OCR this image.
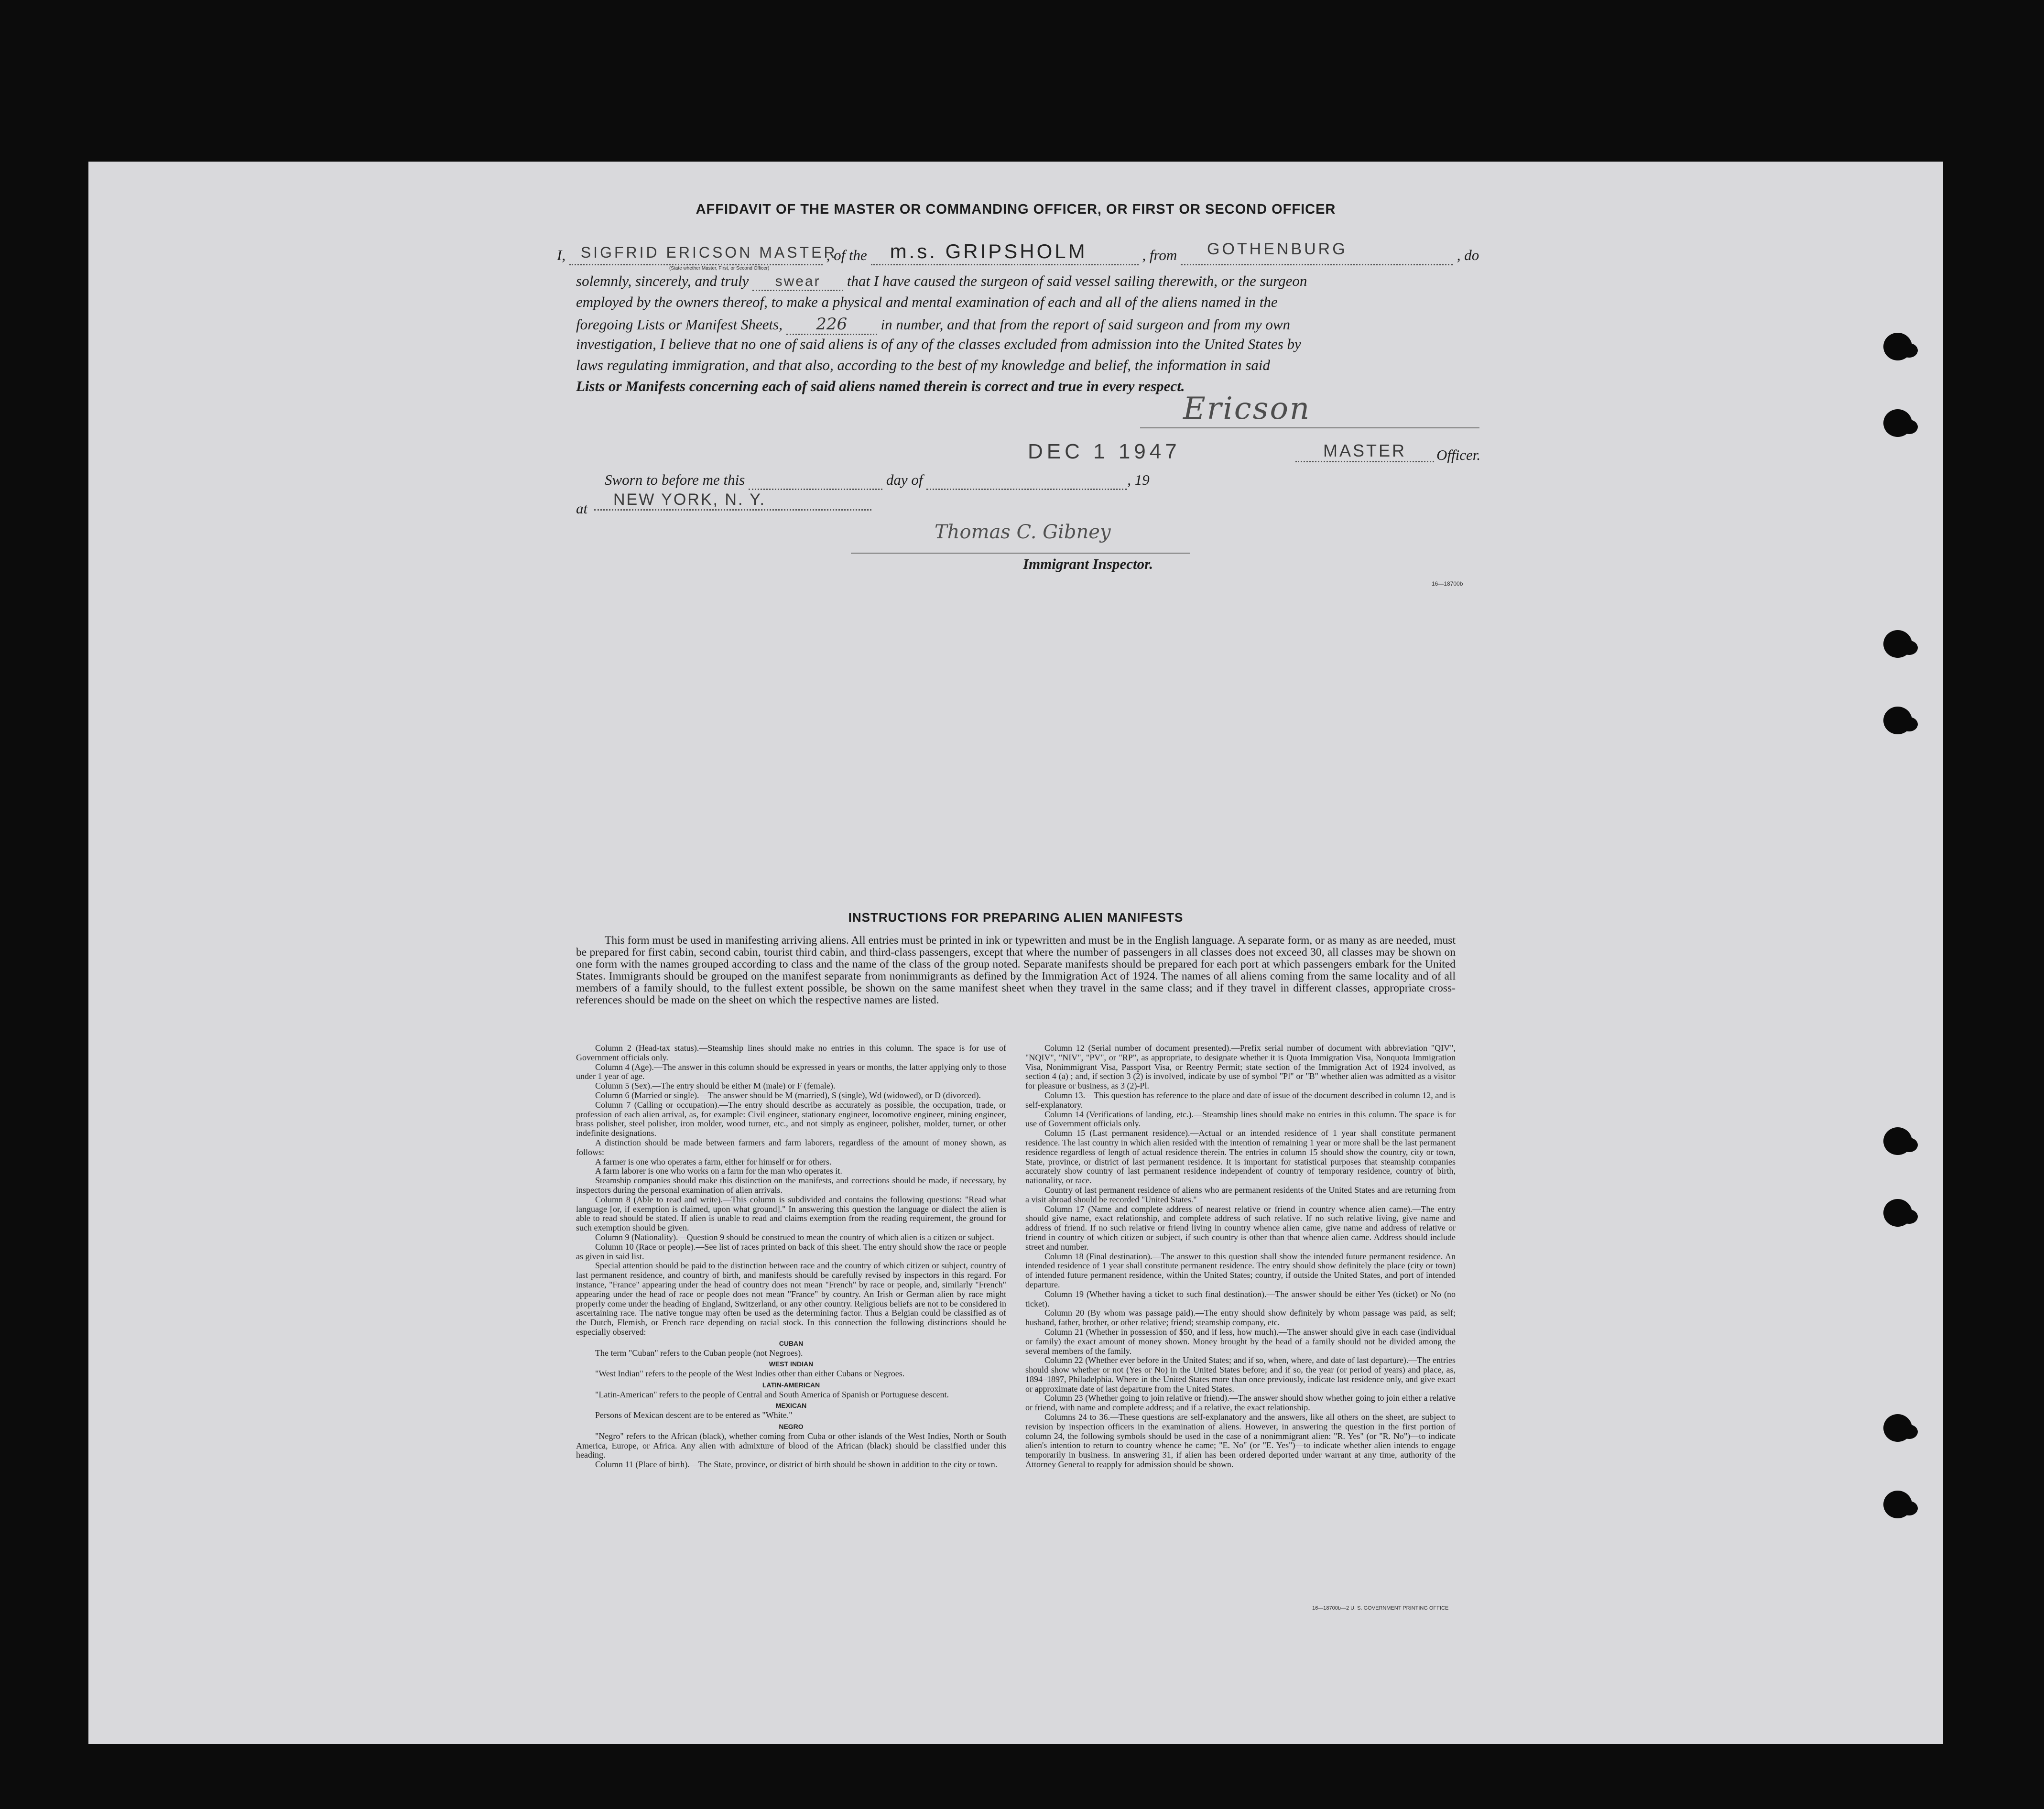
AFFIDAVIT OF THE MASTER OR COMMANDING OFFICER, OR FIRST OR SECOND OFFICER
I, SIGFRID ERICSON MASTER
, of the m.s. GRIPSHOLM	, from GOTHENBURG	, do
(State whether Master, First, or Second Officer)
solemnly, sincerely, and truly swear that I have caused the surgeon of said vessel sailing therewith, or the surgeon
employed by the owners thereof, to make a physical and mental examination of each and all of the aliens named in the
foregoing Lists or Manifest Sheets, 226 in number, and that from the report of said surgeon and from my own
investigation, I believe that no one of said aliens is of any of the classes excluded from admission into the United States by
laws regulating immigration, and that also, according to the best of my knowledge and belief, the information in said
Lists or Manifests concerning each of said aliens named therein is correct and true in every respect.
Ericson
DEC 1 1947	MASTER	Officer.
Sworn to before me this	day of	, 19
at	NEW YORK, N. Y.
Thomas C. Gibney
Immigrant Inspector.
16—18700b
INSTRUCTIONS FOR PREPARING ALIEN MANIFESTS
This form must be used in manifesting arriving aliens. All entries must be printed in ink or typewritten and must be in the English language. A separate form, or as many as are needed, must be prepared for first cabin, second cabin, tourist third cabin, and third-class passengers, except that where the number of passengers in all classes does not exceed 30, all classes may be shown on one form with the names grouped according to class and the name of the class of the group noted. Separate manifests should be prepared for each port at which passengers embark for the United States. Immigrants should be grouped on the manifest separate from nonimmigrants as defined by the Immigration Act of 1924. The names of all aliens coming from the same locality and of all members of a family should, to the fullest extent possible, be shown on the same manifest sheet when they travel in the same class; and if they travel in different classes, appropriate cross-references should be made on the sheet on which the respective names are listed.

Column 2 (Head-tax status).—Steamship lines should make no entries in this column. The space is for use of Government officials only.

Column 4 (Age).—The answer in this column should be expressed in years or months, the latter applying only to those under 1 year of age.

Column 5 (Sex).—The entry should be either M (male) or F (female).

Column 6 (Married or single).—The answer should be M (married), S (single), Wd (widowed), or D (divorced).

Column 7 (Calling or occupation).—The entry should describe as accurately as possible, the occupation, trade, or profession of each alien arrival, as, for example: Civil engineer, stationary engineer, locomotive engineer, mining engineer, brass polisher, steel polisher, iron molder, wood turner, etc., and not simply as engineer, polisher, molder, turner, or other indefinite designations.

A distinction should be made between farmers and farm laborers, regardless of the amount of money shown, as follows:

A farmer is one who operates a farm, either for himself or for others.

A farm laborer is one who works on a farm for the man who operates it.

Steamship companies should make this distinction on the manifests, and corrections should be made, if necessary, by inspectors during the personal examination of alien arrivals.

Column 8 (Able to read and write).—This column is subdivided and contains the following questions: "Read what language [or, if exemption is claimed, upon what ground]." In answering this question the language or dialect the alien is able to read should be stated. If alien is unable to read and claims exemption from the reading requirement, the ground for such exemption should be given.

Column 9 (Nationality).—Question 9 should be construed to mean the country of which alien is a citizen or subject.

Column 10 (Race or people).—See list of races printed on back of this sheet. The entry should show the race or people as given in said list.

Special attention should be paid to the distinction between race and the country of which citizen or subject, country of last permanent residence, and country of birth, and manifests should be carefully revised by inspectors in this regard. For instance, "France" appearing under the head of country does not mean "French" by race or people, and, similarly "French" appearing under the head of race or people does not mean "France" by country. An Irish or German alien by race might properly come under the heading of England, Switzerland, or any other country. Religious beliefs are not to be considered in ascertaining race. The native tongue may often be used as the determining factor. Thus a Belgian could be classified as of the Dutch, Flemish, or French race depending on racial stock. In this connection the following distinctions should be especially observed:

CUBAN

The term "Cuban" refers to the Cuban people (not Negroes).

WEST INDIAN

"West Indian" refers to the people of the West Indies other than either Cubans or Negroes.

LATIN-AMERICAN

"Latin-American" refers to the people of Central and South America of Spanish or Portuguese descent.

MEXICAN

Persons of Mexican descent are to be entered as "White."

NEGRO

"Negro" refers to the African (black), whether coming from Cuba or other islands of the West Indies, North or South America, Europe, or Africa. Any alien with admixture of blood of the African (black) should be classified under this heading.

Column 11 (Place of birth).—The State, province, or district of birth should be shown in addition to the city or town.

Column 12 (Serial number of document presented).—Prefix serial number of document with abbreviation "QIV", "NQIV", "NIV", "PV", or "RP", as appropriate, to designate whether it is Quota Immigration Visa, Nonquota Immigration Visa, Nonimmigrant Visa, Passport Visa, or Reentry Permit; state section of the Immigration Act of 1924 involved, as section 4 (a) ; and, if section 3 (2) is involved, indicate by use of symbol "Pl" or "B" whether alien was admitted as a visitor for pleasure or business, as 3 (2)-Pl.

Column 13.—This question has reference to the place and date of issue of the document described in column 12, and is self-explanatory.

Column 14 (Verifications of landing, etc.).—Steamship lines should make no entries in this column. The space is for use of Government officials only.

Column 15 (Last permanent residence).—Actual or an intended residence of 1 year shall constitute permanent residence. The last country in which alien resided with the intention of remaining 1 year or more shall be the last permanent residence regardless of length of actual residence therein. The entries in column 15 should show the country, city or town, State, province, or district of last permanent residence. It is important for statistical purposes that steamship companies accurately show country of last permanent residence independent of country of temporary residence, country of birth, nationality, or race.

Country of last permanent residence of aliens who are permanent residents of the United States and are returning from a visit abroad should be recorded "United States."

Column 17 (Name and complete address of nearest relative or friend in country whence alien came).—The entry should give name, exact relationship, and complete address of such relative. If no such relative living, give name and address of friend. If no such relative or friend living in country whence alien came, give name and address of relative or friend in country of which citizen or subject, if such country is other than that whence alien came. Address should include street and number.

Column 18 (Final destination).—The answer to this question shall show the intended future permanent residence. An intended residence of 1 year shall constitute permanent residence. The entry should show definitely the place (city or town) of intended future permanent residence, within the United States; country, if outside the United States, and port of intended departure.

Column 19 (Whether having a ticket to such final destination).—The answer should be either Yes (ticket) or No (no ticket).

Column 20 (By whom was passage paid).—The entry should show definitely by whom passage was paid, as self; husband, father, brother, or other relative; friend; steamship company, etc.

Column 21 (Whether in possession of $50, and if less, how much).—The answer should give in each case (individual or family) the exact amount of money shown. Money brought by the head of a family should not be divided among the several members of the family.

Column 22 (Whether ever before in the United States; and if so, when, where, and date of last departure).—The entries should show whether or not (Yes or No) in the United States before; and if so, the year (or period of years) and place, as, 1894–1897, Philadelphia. Where in the United States more than once previously, indicate last residence only, and give exact or approximate date of last departure from the United States.

Column 23 (Whether going to join relative or friend).—The answer should show whether going to join either a relative or friend, with name and complete address; and if a relative, the exact relationship.

Columns 24 to 36.—These questions are self-explanatory and the answers, like all others on the sheet, are subject to revision by inspection officers in the examination of aliens. However, in answering the question in the first portion of column 24, the following symbols should be used in the case of a nonimmigrant alien: "R. Yes" (or "R. No")—to indicate alien's intention to return to country whence he came; "E. No" (or "E. Yes")—to indicate whether alien intends to engage temporarily in business. In answering 31, if alien has been ordered deported under warrant at any time, authority of the Attorney General to reapply for admission should be shown.

16—18700b—2 U. S. GOVERNMENT PRINTING OFFICE
